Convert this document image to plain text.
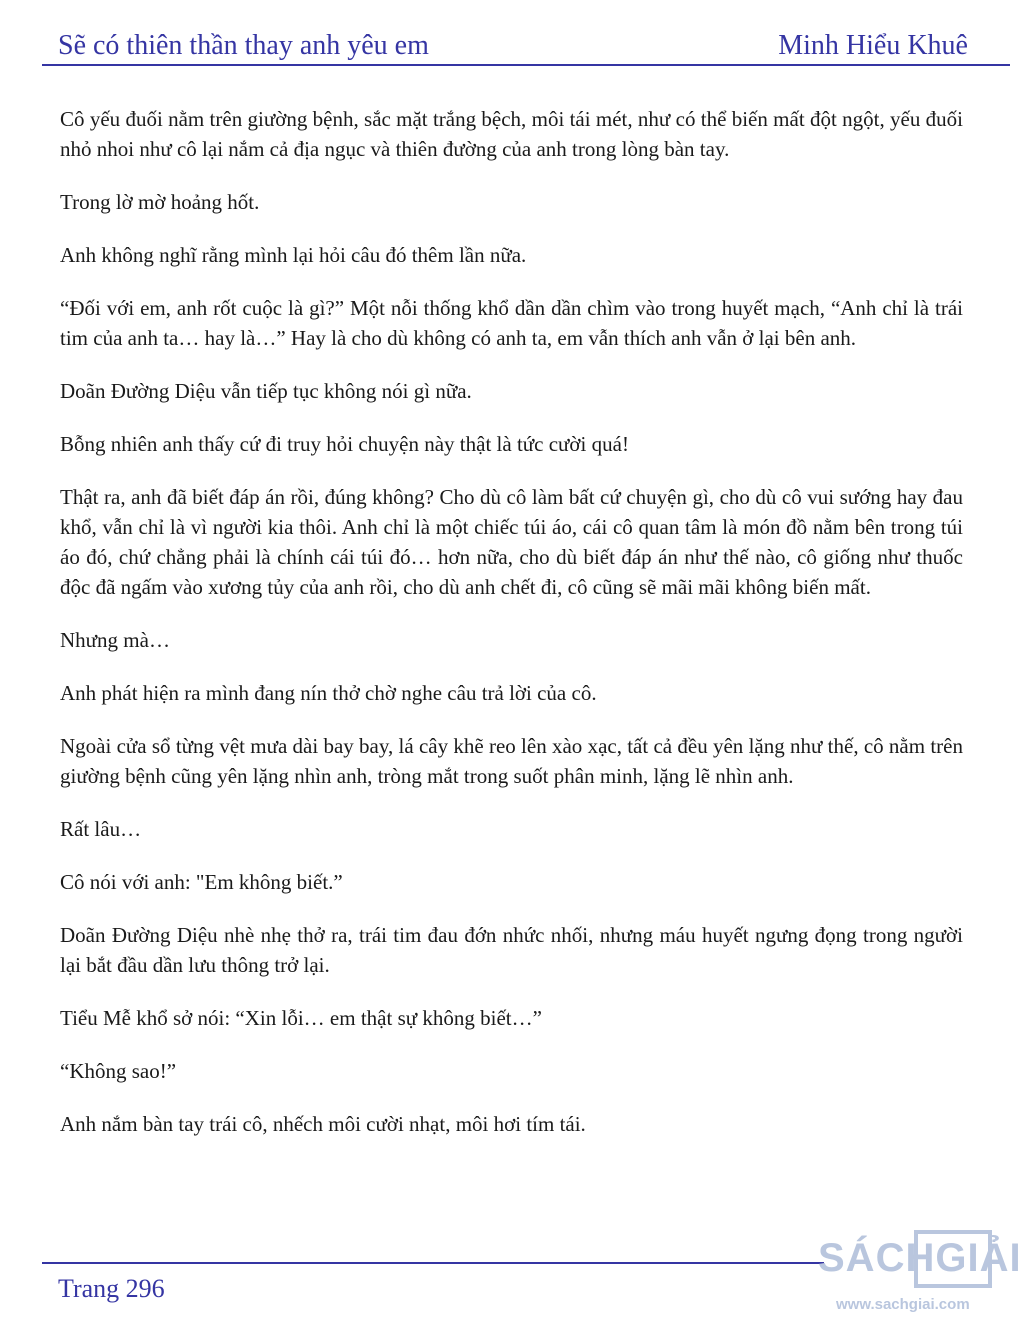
Sẽ có thiên thần thay anh yêu em	Minh Hiểu Khuê

Cô yếu đuối nằm trên giường bệnh, sắc mặt trắng bệch, môi tái mét, như có thể biến mất đột ngột, yếu đuối nhỏ nhoi như cô lại nắm cả địa ngục và thiên đường của anh trong lòng bàn tay.

Trong lờ mờ hoảng hốt.

Anh không nghĩ rằng mình lại hỏi câu đó thêm lần nữa.

“Đối với em, anh rốt cuộc là gì?” Một nỗi thống khổ dần dần chìm vào trong huyết mạch, “Anh chỉ là trái tim của anh ta… hay là…” Hay là cho dù không có anh ta, em vẫn thích anh vẫn ở lại bên anh.

Doãn Đường Diệu vẫn tiếp tục không nói gì nữa.

Bỗng nhiên anh thấy cứ đi truy hỏi chuyện này thật là tức cười quá!

Thật ra, anh đã biết đáp án rồi, đúng không? Cho dù cô làm bất cứ chuyện gì, cho dù cô vui sướng hay đau khổ, vẫn chỉ là vì người kia thôi. Anh chỉ là một chiếc túi áo, cái cô quan tâm là món đồ nằm bên trong túi áo đó, chứ chẳng phải là chính cái túi đó… hơn nữa, cho dù biết đáp án như thế nào, cô giống như thuốc độc đã ngấm vào xương tủy của anh rồi, cho dù anh chết đi, cô cũng sẽ mãi mãi không biến mất.

Nhưng mà…

Anh phát hiện ra mình đang nín thở chờ nghe câu trả lời của cô.

Ngoài cửa sổ từng vệt mưa dài bay bay, lá cây khẽ reo lên xào xạc, tất cả đều yên lặng như thế, cô nằm trên giường bệnh cũng yên lặng nhìn anh, tròng mắt trong suốt phân minh, lặng lẽ nhìn anh.

Rất lâu…

Cô nói với anh: "Em không biết.”

Doãn Đường Diệu nhè nhẹ thở ra, trái tim đau đớn nhức nhối, nhưng máu huyết ngưng đọng trong người lại bắt đầu dần lưu thông trở lại.

Tiểu Mễ khổ sở nói: “Xin lỗi… em thật sự không biết…”

“Không sao!”

Anh nắm bàn tay trái cô, nhếch môi cười nhạt, môi hơi tím tái.

Trang 296
SÁCHGIẢI
www.sachgiai.com
